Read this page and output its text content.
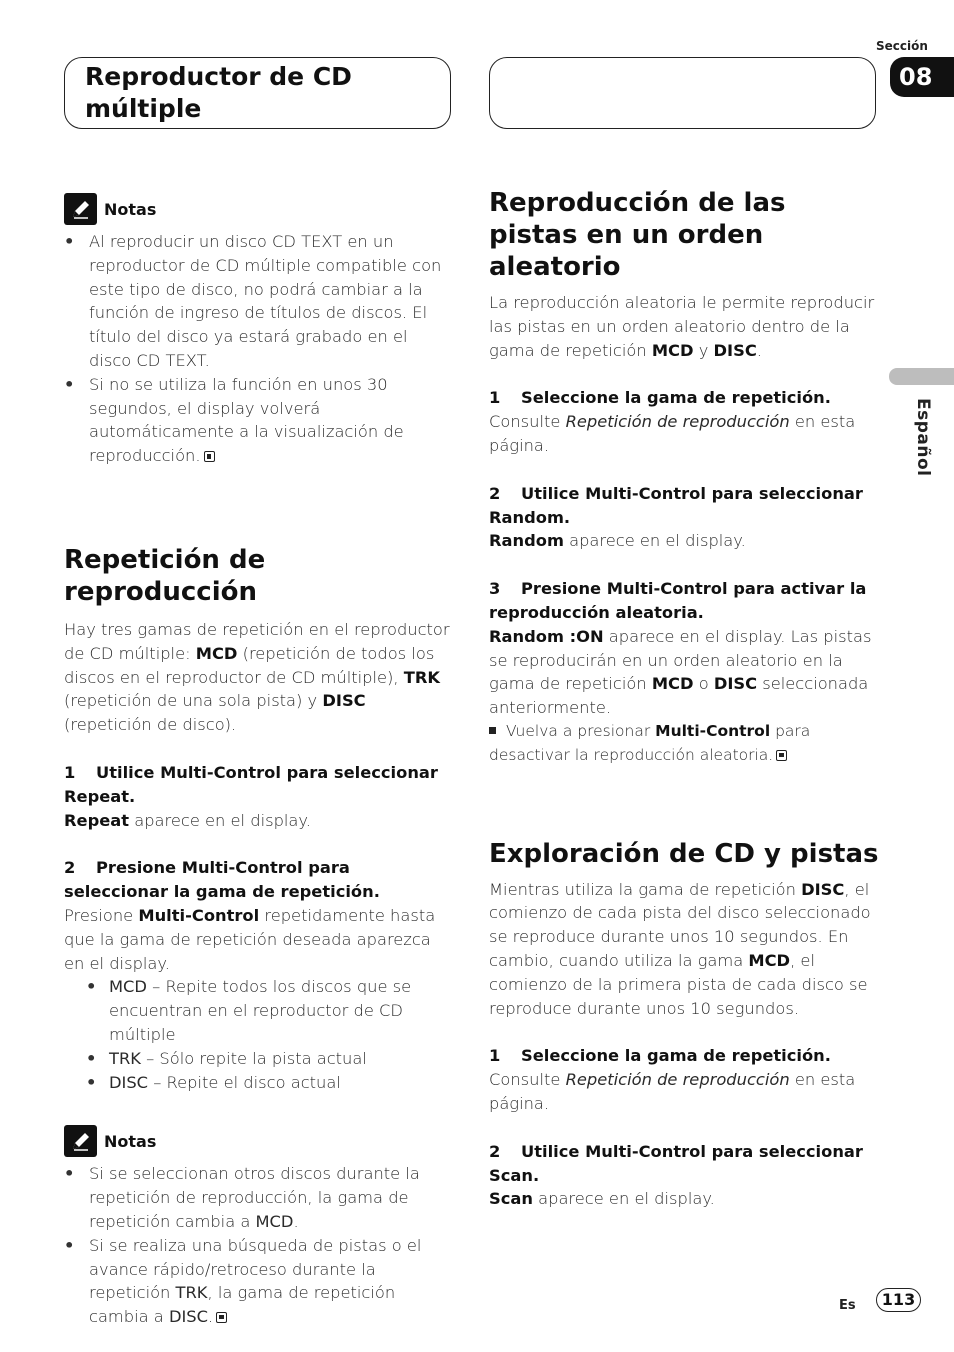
Reproductor de CD múltiple
Sección
08
Español
Notas
• Al reproducir un disco CD TEXT en un reproductor de CD múltiple compatible con este tipo de disco, no podrá cambiar a la función de ingreso de títulos de discos. El título del disco ya estará grabado en el disco CD TEXT.
• Si no se utiliza la función en unos 30 segundos, el display volverá automáticamente a la visualización de reproducción.
Repetición de reproducción

Hay tres gamas de repetición en el reproductor de CD múltiple: MCD (repetición de todos los discos en el reproductor de CD múltiple), TRK (repetición de una sola pista) y DISC (repetición de disco).

1 Utilice Multi-Control para seleccionar Repeat.

Repeat aparece en el display.

2 Presione Multi-Control para seleccionar la gama de repetición.

Presione Multi-Control repetidamente hasta que la gama de repetición deseada aparezca en el display.

• MCD – Repite todos los discos que se encuentran en el reproductor de CD múltiple
• TRK – Sólo repite la pista actual
• DISC – Repite el disco actual
Notas
• Si se seleccionan otros discos durante la repetición de reproducción, la gama de repetición cambia a MCD.
• Si se realiza una búsqueda de pistas o el avance rápido/retroceso durante la repetición TRK, la gama de repetición cambia a DISC.
Reproducción de las pistas en un orden aleatorio

La reproducción aleatoria le permite reproducir las pistas en un orden aleatorio dentro de la gama de repetición MCD y DISC.

1 Seleccione la gama de repetición.

Consulte Repetición de reproducción en esta página.

2 Utilice Multi-Control para seleccionar Random.

Random aparece en el display.

3 Presione Multi-Control para activar la reproducción aleatoria.

Random :ON aparece en el display. Las pistas se reproducirán en un orden aleatorio en la gama de repetición MCD o DISC seleccionada anteriormente.

Vuelva a presionar Multi-Control para desactivar la reproducción aleatoria.

Exploración de CD y pistas

Mientras utiliza la gama de repetición DISC, el comienzo de cada pista del disco seleccionado se reproduce durante unos 10 segundos. En cambio, cuando utiliza la gama MCD, el comienzo de la primera pista de cada disco se reproduce durante unos 10 segundos.

1 Seleccione la gama de repetición.

Consulte Repetición de reproducción en esta página.

2 Utilice Multi-Control para seleccionar Scan.

Scan aparece en el display.

Es	113
